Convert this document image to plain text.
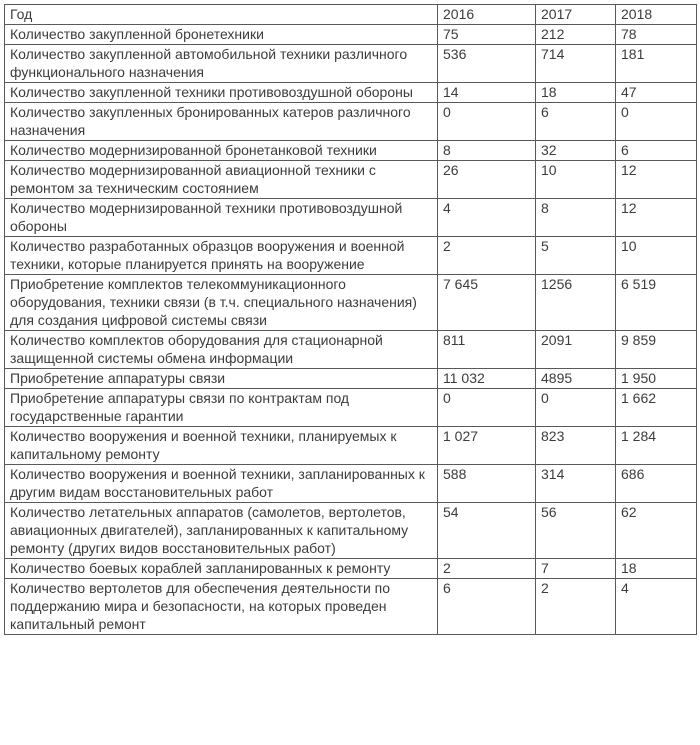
Год	2016	2017	2018
Количество закупленной бронетехники	75	212	78
Количество закупленной автомобильной техники различного функционального назначения	536	714	181
Количество закупленной техники противовоздушной обороны	14	18	47
Количество закупленных бронированных катеров различного назначения	0	6	0
Количество модернизированной бронетанковой техники	8	32	6
Количество модернизированной авиационной техники с ремонтом за техническим состоянием	26	10	12
Количество модернизированной техники противовоздушной обороны	4	8	12
Количество разработанных образцов вооружения и военной техники, которые планируется принять на вооружение	2	5	10
Приобретение комплектов телекоммуникационного оборудования, техники связи (в т.ч. специального назначения) для создания цифровой системы связи	7 645	1256	6 519
Количество комплектов оборудования для стационарной защищенной системы обмена информации	811	2091	9 859
Приобретение аппаратуры связи	11 032	4895	1 950
Приобретение аппаратуры связи по контрактам под государственные гарантии	0	0	1 662
Количество вооружения и военной техники, планируемых к капитальному ремонту	1 027	823	1 284
Количество вооружения и военной техники, запланированных к другим видам восстановительных работ	588	314	686
Количество летательных аппаратов (самолетов, вертолетов, авиационных двигателей), запланированных к капитальному ремонту (других видов восстановительных работ)	54	56	62
Количество боевых кораблей запланированных к ремонту	2	7	18
Количество вертолетов для обеспечения деятельности по поддержанию мира и безопасности, на которых проведен капитальный ремонт	6	2	4
